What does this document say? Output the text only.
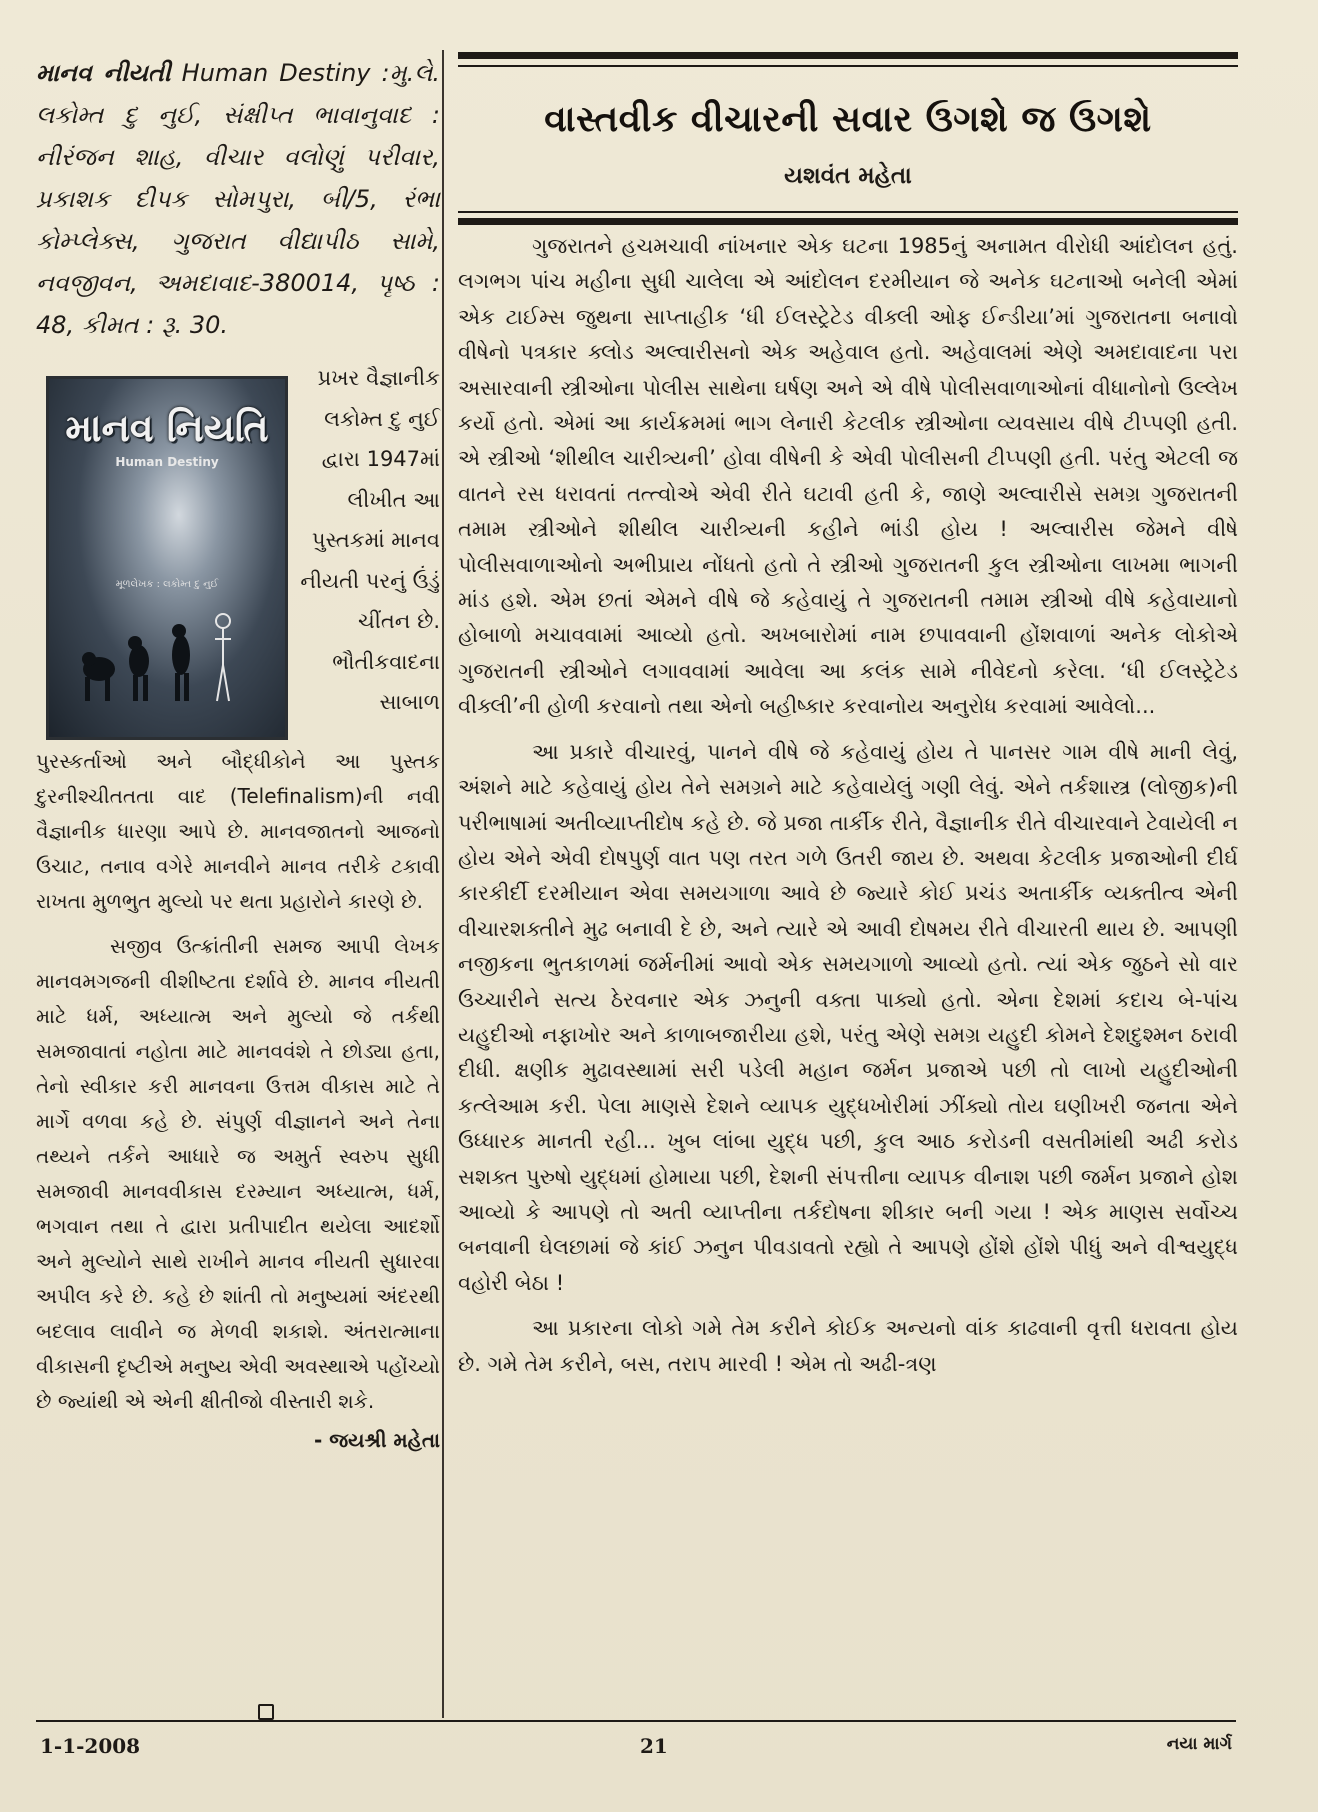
માનવ નીયતી Human Destiny :મુ.લે. લકોમ્ત દુ નુઈ, સંક્ષીપ્ત ભાવાનુવાદ : નીરંજન શાહ, વીચાર વલોણું પરીવાર, પ્રકાશક દીપક સોમપુરા, બી/5, રંભા કોમ્પ્લેક્સ, ગુજરાત વીદ્યાપીઠ સામે, નવજીવન, અમદાવાદ-380014, પૃષ્ઠ : 48, કીમત : રૂ. 30.

માનવ નિયતિ
Human Destiny
મૂળલેખક : લકોમ્ત દુ નુઈ

પ્રખર વૈજ્ઞાનીક લકોમ્ત દુ નુઈ દ્વારા 1947માં લીખીત આ પુસ્તકમાં માનવ નીયતી પરનું ઉંડું ચીંતન છે. ભૌતીકવાદના સાબાળ

પુરસ્કર્તાઓ અને બૌદ્ધીકોને આ પુસ્તક દુરનીશ્ચીતતતા વાદ (Telefinalism)ની નવી વૈજ્ઞાનીક ધારણા આપે છે. માનવજાતનો આજનો ઉચાટ, તનાવ વગેરે માનવીને માનવ તરીકે ટકાવી રાખતા મુળભુત મુલ્યો પર થતા પ્રહારોને કારણે છે.

સજીવ ઉત્ક્રાંતીની સમજ આપી લેખક માનવમગજની વીશીષ્ટતા દર્શાવે છે. માનવ નીયતી માટે ધર્મ, અધ્યાત્મ અને મુલ્યો જે તર્કથી સમજાવાતાં નહોતા માટે માનવવંશે તે છોડ્યા હતા, તેનો સ્વીકાર કરી માનવના ઉત્તમ વીકાસ માટે તે માર્ગે વળવા કહે છે. સંપુર્ણ વીજ્ઞાનને અને તેના તથ્યને તર્કને આધારે જ અમુર્ત સ્વરુપ સુધી સમજાવી માનવવીકાસ દરમ્યાન અધ્યાત્મ, ધર્મ, ભગવાન તથા તે દ્વારા પ્રતીપાદીત થયેલા આદર્શો અને મુલ્યોને સાથે રાખીને માનવ નીયતી સુધારવા અપીલ કરે છે. કહે છે શાંતી તો મનુષ્યમાં અંદરથી બદલાવ લાવીને જ મેળવી શકાશે. અંતરાત્માના વીકાસની દૃષ્ટીએ મનુષ્ય એવી અવસ્થાએ પહોંચ્યો છે જ્યાંથી એ એની ક્ષીતીજો વીસ્તારી શકે.

- જયશ્રી મહેતા
વાસ્તવીક વીચારની સવાર ઉગશે જ ઉગશે
યશવંત મહેતા

ગુજરાતને હચમચાવી નાંખનાર એક ઘટના 1985નું અનામત વીરોધી આંદોલન હતું. લગભગ પાંચ મહીના સુધી ચાલેલા એ આંદોલન દરમીયાન જે અનેક ઘટનાઓ બનેલી એમાં એક ટાઈમ્સ જુથના સાપ્તાહીક ‘ધી ઈલસ્ટ્રેટેડ વીક્લી ઓફ ઈન્ડીયા’માં ગુજરાતના બનાવો વીષેનો પત્રકાર ક્લોડ અલ્વારીસનો એક અહેવાલ હતો. અહેવાલમાં એણે અમદાવાદના પરા અસારવાની સ્ત્રીઓના પોલીસ સાથેના ઘર્ષણ અને એ વીષે પોલીસવાળાઓનાં વીધાનોનો ઉલ્લેખ કર્યો હતો. એમાં આ કાર્યક્રમમાં ભાગ લેનારી કેટલીક સ્ત્રીઓના વ્યવસાય વીષે ટીપ્પણી હતી. એ સ્ત્રીઓ ‘શીથીલ ચારીત્ર્યની’ હોવા વીષેની કે એવી પોલીસની ટીપ્પણી હતી. પરંતુ એટલી જ વાતને રસ ધરાવતાં તત્ત્વોએ એવી રીતે ઘટાવી હતી કે, જાણે અલ્વારીસે સમગ્ર ગુજરાતની તમામ સ્ત્રીઓને શીથીલ ચારીત્ર્યની કહીને ભાંડી હોય ! અલ્વારીસ જેમને વીષે પોલીસવાળાઓનો અભીપ્રાય નોંધતો હતો તે સ્ત્રીઓ ગુજરાતની કુલ સ્ત્રીઓના લાખમા ભાગની માંડ હશે. એમ છતાં એમને વીષે જે કહેવાયું તે ગુજરાતની તમામ સ્ત્રીઓ વીષે કહેવાયાનો હોબાળો મચાવવામાં આવ્યો હતો. અખબારોમાં નામ છપાવવાની હોંશવાળાં અનેક લોકોએ ગુજરાતની સ્ત્રીઓને લગાવવામાં આવેલા આ કલંક સામે નીવેદનો કરેલા. ‘ધી ઈલસ્ટ્રેટેડ વીક્લી’ની હોળી કરવાનો તથા એનો બહીષ્કાર કરવાનોય અનુરોધ કરવામાં આવેલો...

આ પ્રકારે વીચારવું, પાનને વીષે જે કહેવાયું હોય તે પાનસર ગામ વીષે માની લેવું, અંશને માટે કહેવાયું હોય તેને સમગ્રને માટે કહેવાયેલું ગણી લેવું. એને તર્કશાસ્ત્ર (લોજીક)ની પરીભાષામાં અતીવ્યાપ્તીદોષ કહે છે. જે પ્રજા તાર્કીક રીતે, વૈજ્ઞાનીક રીતે વીચારવાને ટેવાયેલી ન હોય એને એવી દોષપુર્ણ વાત પણ તરત ગળે ઉતરી જાય છે. અથવા કેટલીક પ્રજાઓની દીર્ઘ કારકીર્દી દરમીયાન એવા સમયગાળા આવે છે જ્યારે કોઈ પ્રચંડ અતાર્કીક વ્યક્તીત્વ એની વીચારશક્તીને મુઢ બનાવી દે છે, અને ત્યારે એ આવી દોષમય રીતે વીચારતી થાય છે. આપણી નજીકના ભુતકાળમાં જર્મનીમાં આવો એક સમયગાળો આવ્યો હતો. ત્યાં એક જુઠને સો વાર ઉચ્ચારીને સત્ય ઠેરવનાર એક ઝનુની વક્તા પાક્યો હતો. એના દેશમાં કદાચ બે-પાંચ યહુદીઓ નફાખોર અને કાળાબજારીયા હશે, પરંતુ એણે સમગ્ર યહુદી કોમને દેશદુશ્મન ઠરાવી દીધી. ક્ષણીક મુઢાવસ્થામાં સરી પડેલી મહાન જર્મન પ્રજાએ પછી તો લાખો યહુદીઓની કત્લેઆમ કરી. પેલા માણસે દેશને વ્યાપક યુદ્ધખોરીમાં ઝીંક્યો તોય ઘણીખરી જનતા એને ઉધ્ધારક માનતી રહી... ખુબ લાંબા યુદ્ધ પછી, કુલ આઠ કરોડની વસતીમાંથી અઢી કરોડ સશક્ત પુરુષો યુદ્ધમાં હોમાયા પછી, દેશની સંપત્તીના વ્યાપક વીનાશ પછી જર્મન પ્રજાને હોશ આવ્યો કે આપણે તો અતી વ્યાપ્તીના તર્કદોષના શીકાર બની ગયા ! એક માણસ સર્વોચ્ચ બનવાની ઘેલછામાં જે કાંઈ ઝનુન પીવડાવતો રહ્યો તે આપણે હોંશે હોંશે પીધું અને વીશ્વયુદ્ધ વહોરી બેઠા !

આ પ્રકારના લોકો ગમે તેમ કરીને કોઈક અન્યનો વાંક કાઢવાની વૃત્તી ધરાવતા હોય છે. ગમે તેમ કરીને, બસ, તરાપ મારવી ! એમ તો અઢી-ત્રણ

1-1-2008	21	નયા માર્ગ
